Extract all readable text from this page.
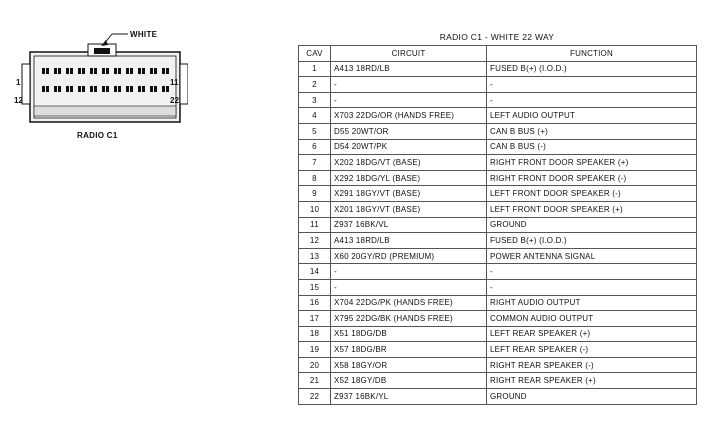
WHITE
1
12
11
22
RADIO C1
RADIO C1 - WHITE 22 WAY
CAV	CIRCUIT	FUNCTION
1	A413 18RD/LB	FUSED B(+) (I.O.D.)
2	-	-
3	-	-
4	X703 22DG/OR (HANDS FREE)	LEFT AUDIO OUTPUT
5	D55 20WT/OR	CAN B BUS (+)
6	D54 20WT/PK	CAN B BUS (-)
7	X202 18DG/VT (BASE)	RIGHT FRONT DOOR SPEAKER (+)
8	X292 18DG/YL (BASE)	RIGHT FRONT DOOR SPEAKER (-)
9	X291 18GY/VT (BASE)	LEFT FRONT DOOR SPEAKER (-)
10	X201 18GY/VT (BASE)	LEFT FRONT DOOR SPEAKER (+)
11	Z937 16BK/VL	GROUND
12	A413 18RD/LB	FUSED B(+) (I.O.D.)
13	X60 20GY/RD (PREMIUM)	POWER ANTENNA SIGNAL
14	-	-
15	-	-
16	X704 22DG/PK (HANDS FREE)	RIGHT AUDIO OUTPUT
17	X795 22DG/BK (HANDS FREE)	COMMON AUDIO OUTPUT
18	X51 18DG/DB	LEFT REAR SPEAKER (+)
19	X57 18DG/BR	LEFT REAR SPEAKER (-)
20	X58 18GY/OR	RIGHT REAR SPEAKER (-)
21	X52 18GY/DB	RIGHT REAR SPEAKER (+)
22	Z937 16BK/YL	GROUND
